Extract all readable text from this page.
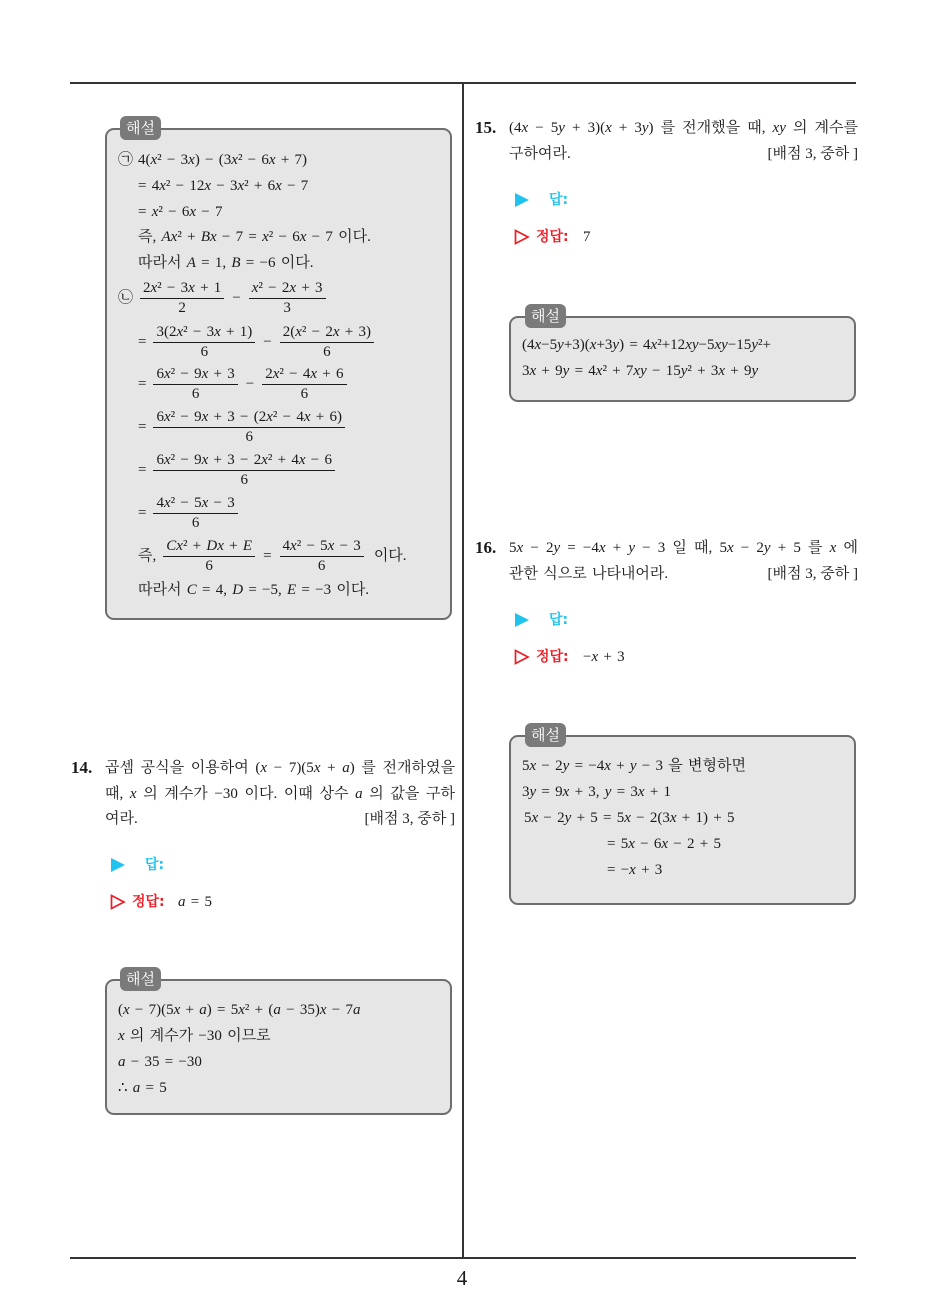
해설
㉠ 4(x² − 3x) − (3x² − 6x + 7)
= 4x² − 12x − 3x² + 6x − 7
= x² − 6x − 7
즉, Ax² + Bx − 7 = x² − 6x − 7 이다.
따라서 A = 1, B = −6 이다.
㉡ $\frac{\text{2x² − 3x + 1}}{2} - \frac{\text{x² − 2x + 3}}{3}$
= $\frac{\text{3(2x² − 3x + 1)}}{6} - \frac{\text{2(x² − 2x + 3)}}{6}$
= $\frac{\text{6x² − 9x + 3}}{6} - \frac{\text{2x² − 4x + 6}}{6}$
= $\frac{\text{6x² − 9x + 3 − (2x² − 4x + 6)}}{6}$
= $\frac{\text{6x² − 9x + 3 − 2x² + 4x − 6}}{6}$
= $\frac{\text{4x² − 5x − 3}}{6}$
즉, $\frac{\text{Cx² + Dx + E}}{6} = \frac{\text{4x² − 5x − 3}}{6}$ 이다.
따라서 C = 4, D = −5, E = −3 이다.
14. 곱셈 공식을 이용하여 (x − 7)(5x + a) 를 전개하였을
때, x 의 계수가 −30 이다. 이때 상수 a 의 값을 구하
여라.	[배점 3, 중하 ]
답:
정답: a = 5
해설
(x − 7)(5x + a) = 5x² + (a − 35)x − 7a
x 의 계수가 −30 이므로
a − 35 = −30
∴ a = 5
15. (4x − 5y + 3)(x + 3y) 를 전개했을 때, xy 의 계수를
구하여라.	[배점 3, 중하 ]
답:
정답: 7
해설
(4x−5y+3)(x+3y) = 4x²+12xy−5xy−15y²+
3x + 9y = 4x² + 7xy − 15y² + 3x + 9y
16. 5x − 2y = −4x + y − 3 일 때, 5x − 2y + 5 를 x 에
관한 식으로 나타내어라.	[배점 3, 중하 ]
답:
정답: −x + 3
해설
5x − 2y = −4x + y − 3 을 변형하면
3y = 9x + 3, y = 3x + 1
5x − 2y + 5 = 5x − 2(3x + 1) + 5
= 5x − 6x − 2 + 5
= −x + 3
4
